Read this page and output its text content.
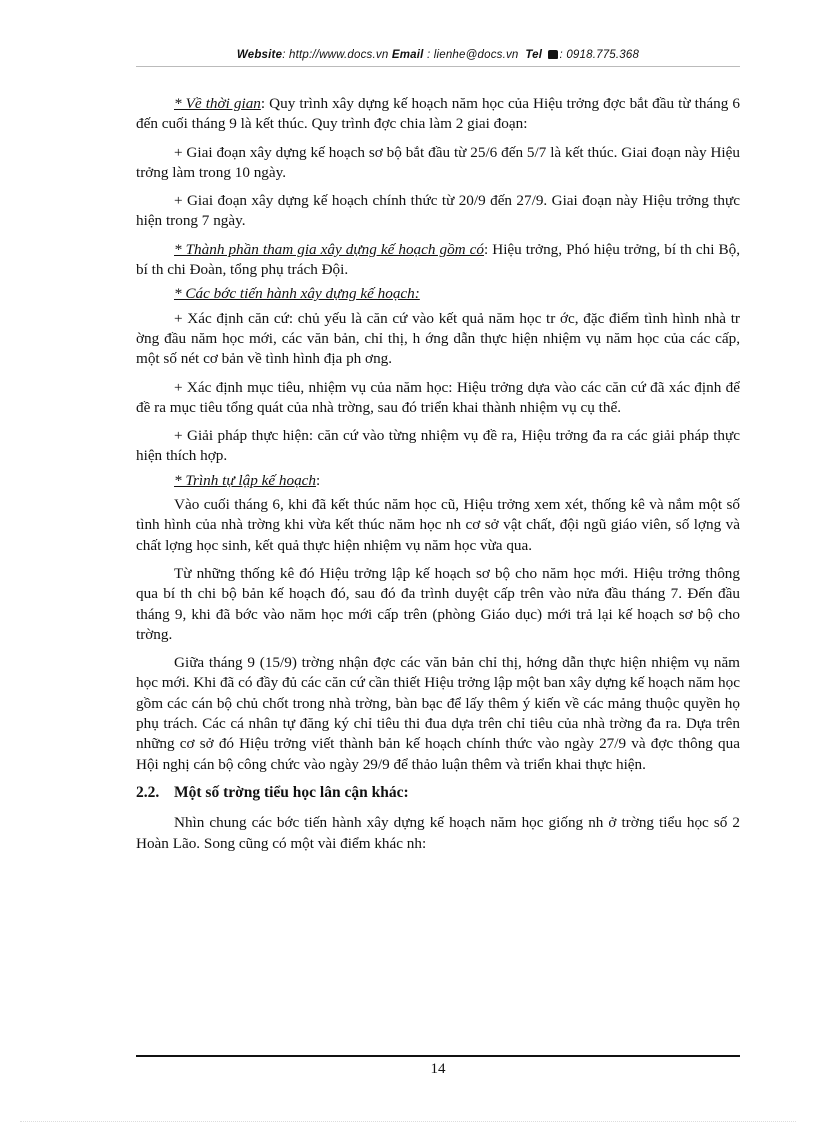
Website: http://www.docs.vn Email : lienhe@docs.vn Tel : 0918.775.368

* Về thời gian: Quy trình xây dựng kế hoạch năm học của Hiệu trởng đợc bắt đầu từ tháng 6 đến cuối tháng 9 là kết thúc. Quy trình đợc chia làm 2 giai đoạn:

+ Giai đoạn xây dựng kế hoạch sơ bộ bắt đầu từ 25/6 đến 5/7 là kết thúc. Giai đoạn này Hiệu trởng làm trong 10 ngày.

+ Giai đoạn xây dựng kế hoạch chính thức từ 20/9 đến 27/9. Giai đoạn này Hiệu trởng thực hiện trong 7 ngày.

* Thành phần tham gia xây dựng kế hoạch gồm có: Hiệu trởng, Phó hiệu trởng, bí th chi Bộ, bí th chi Đoàn, tổng phụ trách Đội.

* Các bớc tiến hành xây dựng kế hoạch:

+ Xác định căn cứ: chủ yếu là căn cứ vào kết quả năm học tr ớc, đặc điểm tình hình nhà tr ờng đầu năm học mới, các văn bản, chỉ thị, h ớng dẫn thực hiện nhiệm vụ năm học của các cấp, một số nét cơ bản về tình hình địa ph ơng.

+ Xác định mục tiêu, nhiệm vụ của năm học: Hiệu trởng dựa vào các căn cứ đã xác định để đề ra mục tiêu tổng quát của nhà trờng, sau đó triển khai thành nhiệm vụ cụ thể.

+ Giải pháp thực hiện: căn cứ vào từng nhiệm vụ đề ra, Hiệu trởng đa ra các giải pháp thực hiện thích hợp.

* Trình tự lập kế hoạch:

Vào cuối tháng 6, khi đã kết thúc năm học cũ, Hiệu trởng xem xét, thống kê và nắm một số tình hình của nhà trờng khi vừa kết thúc năm học nh cơ sở vật chất, đội ngũ giáo viên, số lợng và chất lợng học sinh, kết quả thực hiện nhiệm vụ năm học vừa qua.

Từ những thống kê đó Hiệu trởng lập kế hoạch sơ bộ cho năm học mới. Hiệu trởng thông qua bí th chi bộ bản kế hoạch đó, sau đó đa trình duyệt cấp trên vào nửa đầu tháng 7. Đến đầu tháng 9, khi đã bớc vào năm học mới cấp trên (phòng Giáo dục) mới trả lại kế hoạch sơ bộ cho trờng.

Giữa tháng 9 (15/9) trờng nhận đợc các văn bản chỉ thị, hớng dẫn thực hiện nhiệm vụ năm học mới. Khi đã có đầy đủ các căn cứ cần thiết Hiệu trởng lập một ban xây dựng kế hoạch năm học gồm các cán bộ chủ chốt trong nhà trờng, bàn bạc để lấy thêm ý kiến về các mảng thuộc quyền họ phụ trách. Các cá nhân tự đăng ký chỉ tiêu thi đua dựa trên chỉ tiêu của nhà trờng đa ra. Dựa trên những cơ sở đó Hiệu trởng viết thành bản kế hoạch chính thức vào ngày 27/9 và đợc thông qua Hội nghị cán bộ công chức vào ngày 29/9 để thảo luận thêm và triển khai thực hiện.

2.2. Một số trờng tiểu học lân cận khác:

Nhìn chung các bớc tiến hành xây dựng kế hoạch năm học giống nh ở trờng tiểu học số 2 Hoàn Lão. Song cũng có một vài điểm khác nh:

14
